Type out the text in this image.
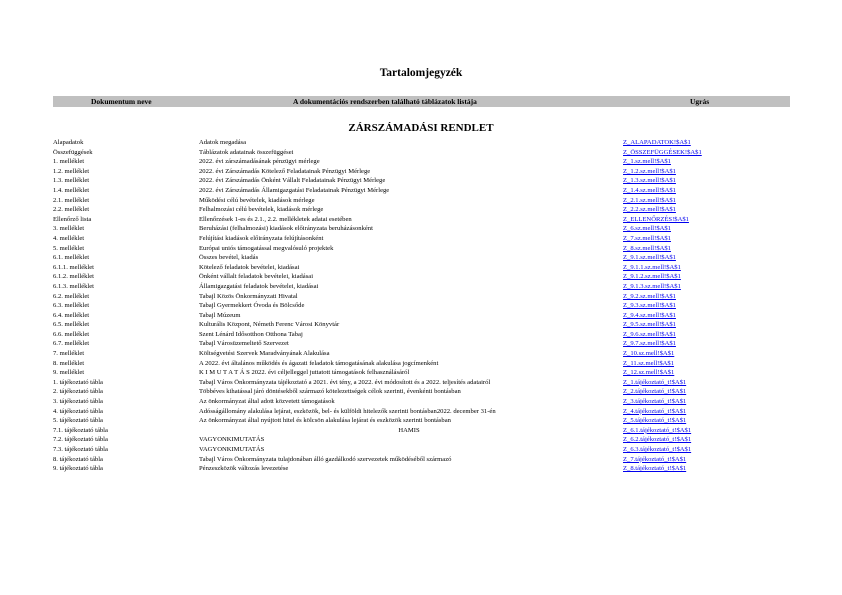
Tartalomjegyzék
Dokumentum neve	A dokumentációs rendszerben található táblázatok listája	Ugrás
ZÁRSZÁMADÁSI RENDLET
Alapadatok	Adatok megadása	Z_ALAPADATOK!$A$1
Összefüggések	Táblázatok adatainak összefüggései	Z_ÖSSZEFÜGGÉSEK!$A$1
1. melléklet	2022. évi zárszámadásának pénzügyi mérlege	Z_1.sz.mell!$A$1
1.2. melléklet	2022. évi Zárszámadás Kötelező Feladatainak Pénzügyi Mérlege	Z_1.2.sz.mell!$A$1
1.3. melléklet	2022. évi Zárszámadás Önként Vállalt Feladatainak Pénzügyi Mérlege	Z_1.3.sz.mell!$A$1
1.4. melléklet	2022. évi Zárszámadás Államigazgatási Feladatainak Pénzügyi Mérlege	Z_1.4.sz.mell!$A$1
2.1. melléklet	Működési célú bevételek, kiadások mérlege	Z_2.1.sz.mell!$A$1
2.2. melléklet	Felhalmozási célú bevételek, kiadások mérlege	Z_2.2.sz.mell!$A$1
Ellenőrző lista	Ellenőrzések 1-es és 2.1., 2.2. mellékletek adatai esetében	Z_ELLENŐRZÉS!$A$1
3. melléklet	Beruházási (felhalmozási) kiadások előirányzata beruházásonként	Z_6.sz.mell!$A$1
4. melléklet	Felújítási kiadások előirányzata felújításonként	Z_7.sz.mell!$A$1
5. melléklet	Európai uniós támogatással megvalósuló projektek	Z_8.sz.mell!$A$1
6.1. melléklet	Összes bevétel, kiadás	Z_9.1.sz.mell!$A$1
6.1.1. melléklet	Kötelező feladatok bevételei, kiadásai	Z_9.1.1.sz.mell!$A$1
6.1.2. melléklet	Önként vállalt feladatok bevételei, kiadásai	Z_9.1.2.sz.mell!$A$1
6.1.3. melléklet	Államigazgatási feladatok bevételei, kiadásai	Z_9.1.3.sz.mell!$A$1
6.2. melléklet	Tabajl Közös Önkormányzati Hivatal	Z_9.2.sz.mell!$A$1
6.3. melléklet	Tabajl Gyermekkert Óvoda és Bölcsőde	Z_9.3.sz.mell!$A$1
6.4. melléklet	Tabajl Múzeum	Z_9.4.sz.mell!$A$1
6.5. melléklet	Kulturális Központ, Németh Ferenc Városi Könyvtár	Z_9.5.sz.mell!$A$1
6.6. melléklet	Szent Lénárd Idősotthon Otthona Tabaj	Z_9.6.sz.mell!$A$1
6.7. melléklet	Tabajl Városüzemeltető Szervezet	Z_9.7.sz.mell!$A$1
7. melléklet	Költségvetési Szervek Maradványának Alakulása	Z_10.sz.mell!$A$1
8. melléklet	A 2022. évi általános működés és ágazati feladatok támogatásának alakulása jogcímenként	Z_11.sz.mell!$A$1
9. melléklet	K I M U T A T Á S 2022. évi céljelleggel juttatott támogatások felhasználásáról	Z_12.sz.mell!$A$1
1. tájékoztató tábla	Tabajl Város Önkormányzata tájékoztató a 2021. évi tény, a 2022. évi módosított és a 2022. teljesítés adatairól	Z_1.tájékoztató_t!$A$1
2. tájékoztató tábla	Többéves kihatással járó döntésekből származó kötelezettségek célok szerinti, évenkénti bontásban	Z_2.tájékoztató_t!$A$1
3. tájékoztató tábla	Az önkormányzat által adott közvetett támogatások	Z_3.tájékoztató_t!$A$1
4. tájékoztató tábla	Adósságállomány alakulása lejárat, eszközök, bel- és külföldi hitelezők szerinti bontásban2022. december 31-én	Z_4.tájékoztató_t!$A$1
5. tájékoztató tábla	Az önkormányzat által nyújtott hitel és kölcsön alakulása lejárat és eszközök szerinti bontásban	Z_5.tájékoztató_t!$A$1
7.1. tájékoztató tábla	HAMIS	Z_6.1.tájékoztató_t!$A$1
7.2. tájékoztató tábla	VAGYONKIMUTATÁS	Z_6.2.tájékoztató_t!$A$1
7.3. tájékoztató tábla	VAGYONKIMUTATÁS	Z_6.3.tájékoztató_t!$A$1
8. tájékoztató tábla	Tabajl Város Önkormányzata tulajdonában álló gazdálkodó szervezetek működéséből származó	Z_7.tájékoztató_t!$A$1
9. tájékoztató tábla	Pénzeszközök változás levezetése	Z_8.tájékoztató_t!$A$1
